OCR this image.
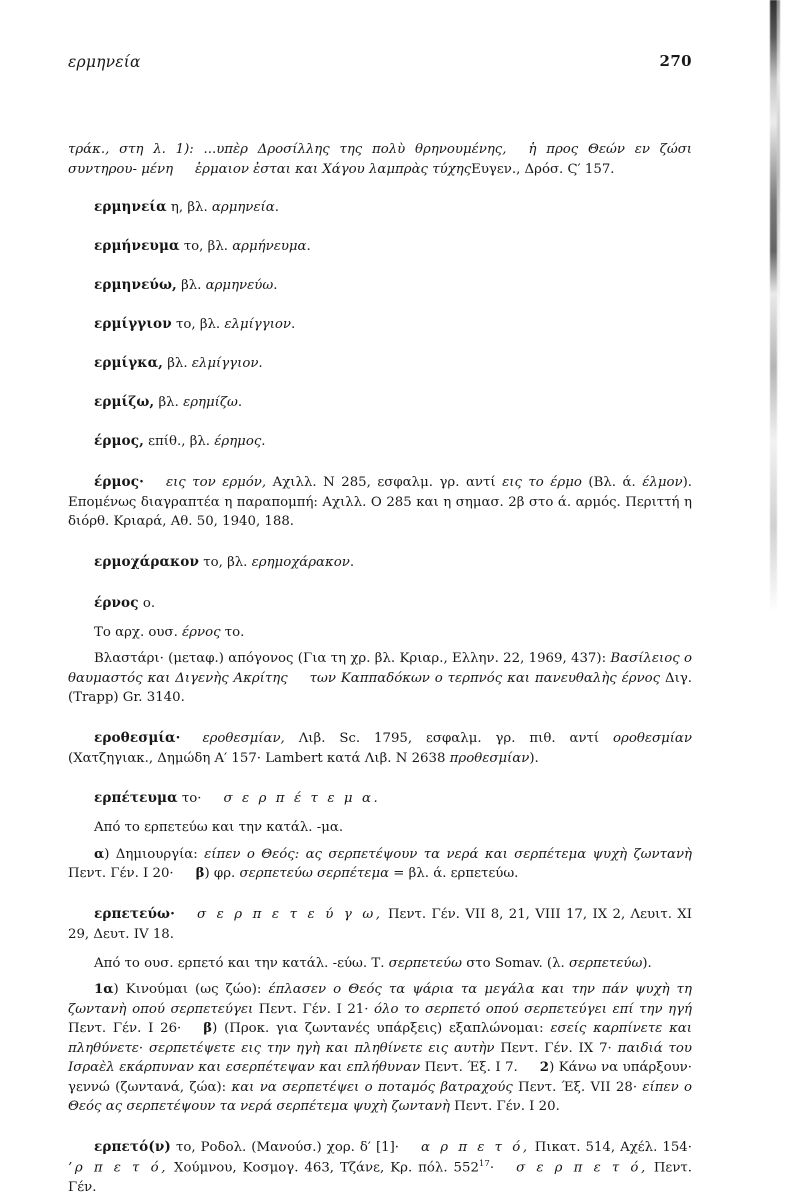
ερμηνεία	270
τράκ., στη λ. 1): ...υπὲρ Δροσίλλης της πολὺ θρηνουμένης, ἡ προς Θεών εν ζώσι συντηρου- μένη ἑρμαιον ἐσται και Χάγου λαμπρὰς τύχηςΕυγεν., Δρόσ. Ϛ′ 157.
ερμηνεία η, βλ. αρμηνεία.
ερμήνευμα το, βλ. αρμήνευμα.
ερμηνεύω, βλ. αρμηνεύω.
ερμίγγιον το, βλ. ελμίγγιον.
ερμίγκα, βλ. ελμίγγιον.
ερμίζω, βλ. ερημίζω.
έρμος, επίθ., βλ. έρημος.
έρμος· εις τον ερμόν, Αχιλλ. Ν 285, εσφαλμ. γρ. αντί εις το έρμο (Βλ. ά. έλμον). Επομένως διαγραπτέα η παραπομπή: Αχιλλ. Ο 285 και η σημασ. 2β στο ά. αρμός. Περιττή η διόρθ. Κριαρά, Αθ. 50, 1940, 188.
ερμοχάρακον το, βλ. ερημοχάρακον.
έρνος ο.
Το αρχ. ουσ. έρνος το.
Βλαστάρι· (μεταφ.) απόγονος (Για τη χρ. βλ. Κριαρ., Ελλην. 22, 1969, 437): Βασίλειος ο θαυμαστός και Διγενὴς Ακρίτης των Καππαδόκων ο τερπνός και πανευθαλὴς έρνος Διγ. (Trapp) Gr. 3140.
εροθεσμία· εροθεσμίαν, Λιβ. Sc. 1795, εσφαλμ. γρ. πιθ. αντί οροθεσμίαν (Χατζηγιακ., Δημώδη Α′ 157· Lambert κατά Λιβ. Ν 2638 προθεσμίαν).
ερπέτευμα το· σ ε ρ π έ τ ε μ α.
Από το ερπετεύω και την κατάλ. -μα.
α) Δημιουργία: είπεν ο Θεός: ας σερπετέψουν τα νερά και σερπέτεμα ψυχὴ ζωντανὴ Πεντ. Γέν. Ι 20· β) φρ. σερπετεύω σερπέτεμα = βλ. ά. ερπετεύω.
ερπετεύω· σ ε ρ π ε τ ε ύ γ ω, Πεντ. Γέν. VII 8, 21, VIII 17, IX 2, Λευιτ. XI 29, Δευτ. IV 18.
Από το ουσ. ερπετό και την κατάλ. -εύω. Τ. σερπετεύω στο Somav. (λ. σερπετεύω).
1α) Κινούμαι (ως ζώο): έπλασεν ο Θεός τα ψάρια τα μεγάλα και την πάν ψυχὴ τη ζωντανὴ οπού σερπετεύγει Πεντ. Γέν. Ι 21· όλο το σερπετό οπού σερπετεύγει επί την ηγή Πεντ. Γέν. Ι 26· β) (Προκ. για ζωντανές υπάρξεις) εξαπλώνομαι: εσείς καρπίνετε και πληθύνετε· σερπετέψετε εις την ηγὴ και πληθίνετε εις αυτὴν Πεντ. Γέν. ΙΧ 7· παιδιά του Ισραὲλ εκάρπυναν και εσερπέτεψαν και επλήθυναν Πεντ. Έξ. Ι 7. 2) Κάνω να υπάρξουν· γεννώ (ζωντανά, ζώα): και να σερπετέψει ο ποταμός βατραχούς Πεντ. Έξ. VII 28· είπεν ο Θεός ας σερπετέψουν τα νερά σερπέτεμα ψυχὴ ζωντανὴ Πεντ. Γέν. Ι 20.
ερπετό(ν) το, Ροδολ. (Μανούσ.) χορ. δ′ [1]· α ρ π ε τ ό, Πικατ. 514, Αχέλ. 154· ’ρ π ε τ ό, Χούμνου, Κοσμογ. 463, Τζάνε, Κρ. πόλ. $552^{17}\cdot \sigma$ ε ρ π ε τ ό, Πεντ. Γέν.
